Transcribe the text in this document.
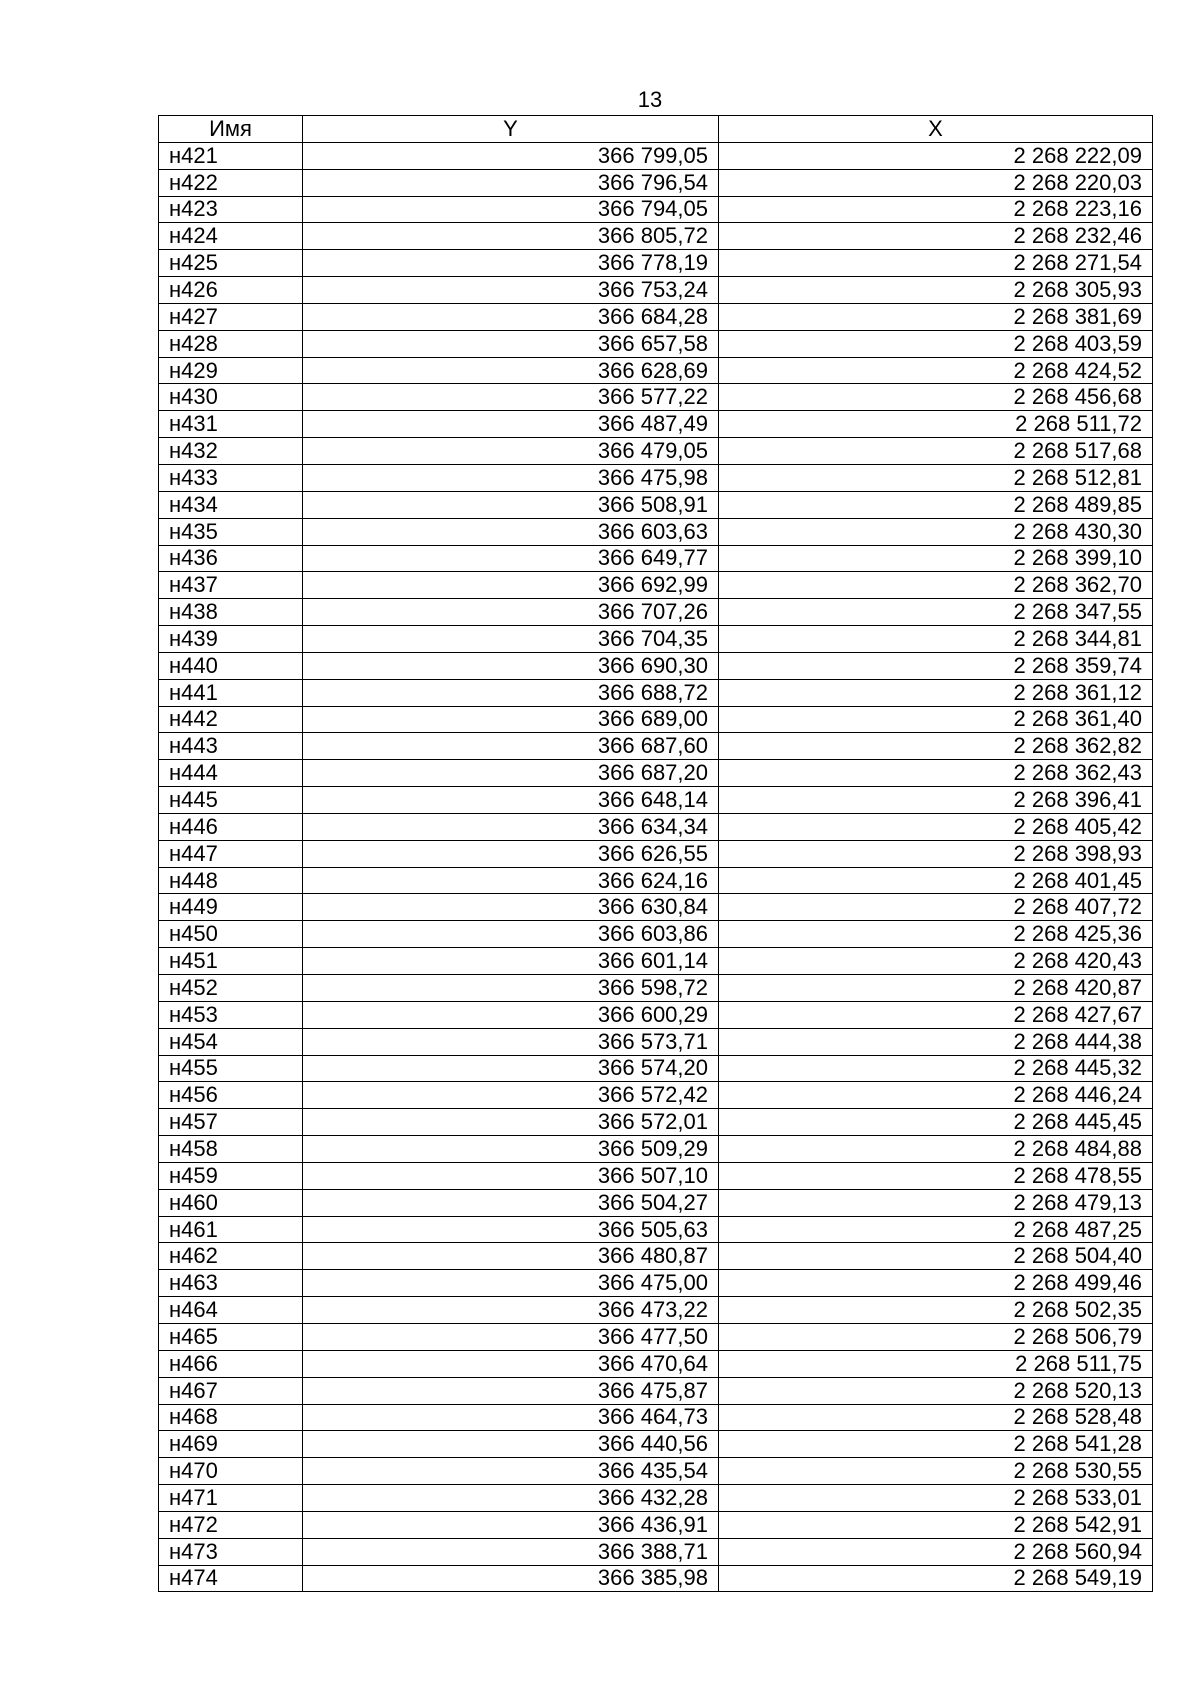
13
Имя	Y	X
н421	366 799,05	2 268 222,09
н422	366 796,54	2 268 220,03
н423	366 794,05	2 268 223,16
н424	366 805,72	2 268 232,46
н425	366 778,19	2 268 271,54
н426	366 753,24	2 268 305,93
н427	366 684,28	2 268 381,69
н428	366 657,58	2 268 403,59
н429	366 628,69	2 268 424,52
н430	366 577,22	2 268 456,68
н431	366 487,49	2 268 511,72
н432	366 479,05	2 268 517,68
н433	366 475,98	2 268 512,81
н434	366 508,91	2 268 489,85
н435	366 603,63	2 268 430,30
н436	366 649,77	2 268 399,10
н437	366 692,99	2 268 362,70
н438	366 707,26	2 268 347,55
н439	366 704,35	2 268 344,81
н440	366 690,30	2 268 359,74
н441	366 688,72	2 268 361,12
н442	366 689,00	2 268 361,40
н443	366 687,60	2 268 362,82
н444	366 687,20	2 268 362,43
н445	366 648,14	2 268 396,41
н446	366 634,34	2 268 405,42
н447	366 626,55	2 268 398,93
н448	366 624,16	2 268 401,45
н449	366 630,84	2 268 407,72
н450	366 603,86	2 268 425,36
н451	366 601,14	2 268 420,43
н452	366 598,72	2 268 420,87
н453	366 600,29	2 268 427,67
н454	366 573,71	2 268 444,38
н455	366 574,20	2 268 445,32
н456	366 572,42	2 268 446,24
н457	366 572,01	2 268 445,45
н458	366 509,29	2 268 484,88
н459	366 507,10	2 268 478,55
н460	366 504,27	2 268 479,13
н461	366 505,63	2 268 487,25
н462	366 480,87	2 268 504,40
н463	366 475,00	2 268 499,46
н464	366 473,22	2 268 502,35
н465	366 477,50	2 268 506,79
н466	366 470,64	2 268 511,75
н467	366 475,87	2 268 520,13
н468	366 464,73	2 268 528,48
н469	366 440,56	2 268 541,28
н470	366 435,54	2 268 530,55
н471	366 432,28	2 268 533,01
н472	366 436,91	2 268 542,91
н473	366 388,71	2 268 560,94
н474	366 385,98	2 268 549,19
